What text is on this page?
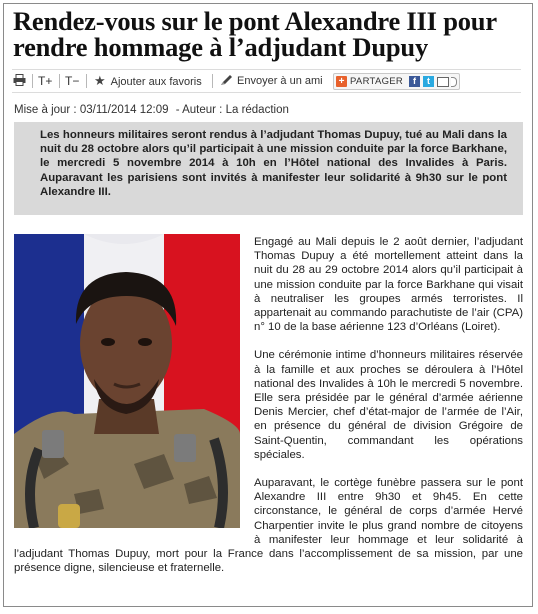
Rendez-vous sur le pont Alexandre III pour rendre hommage à l’adjudant Dupuy
T+ T− ★ Ajouter aux favoris	Envoyer à un ami + PARTAGER	f	t
Mise à jour : 03/11/2014 12:09 - Auteur : La rédaction
Les honneurs militaires seront rendus à l’adjudant Thomas Dupuy, tué au Mali dans la nuit du 28 octobre alors qu’il participait à une mission conduite par la force Barkhane, le mercredi 5 novembre 2014 à 10h en l’Hôtel national des Invalides à Paris. Auparavant les parisiens sont invités à manifester leur solidarité à 9h30 sur le pont Alexandre III.

Engagé au Mali depuis le 2 août dernier, l’adjudant Thomas Dupuy a été mortellement atteint dans la nuit du 28 au 29 octobre 2014 alors qu’il participait à une mission conduite par la force Barkhane qui visait à neutraliser les groupes armés terroristes. Il appartenait au commando parachutiste de l’air (CPA) n° 10 de la base aérienne 123 d’Orléans (Loiret).

Une cérémonie intime d’honneurs militaires réservée à la famille et aux proches se déroulera à l’Hôtel national des Invalides à 10h le mercredi 5 novembre. Elle sera présidée par le général d’armée aérienne Denis Mercier, chef d’état-major de l’armée de l’Air, en présence du général de division Grégoire de Saint-Quentin, commandant les opérations spéciales.

Auparavant, le cortège funèbre passera sur le pont Alexandre III entre 9h30 et 9h45. En cette circonstance, le général de corps d’armée Hervé Charpentier invite le plus grand nombre de citoyens à manifester leur hommage et leur solidarité à l’adjudant Thomas Dupuy, mort pour la France dans l’accomplissement de sa mission, par une présence digne, silencieuse et fraternelle.
